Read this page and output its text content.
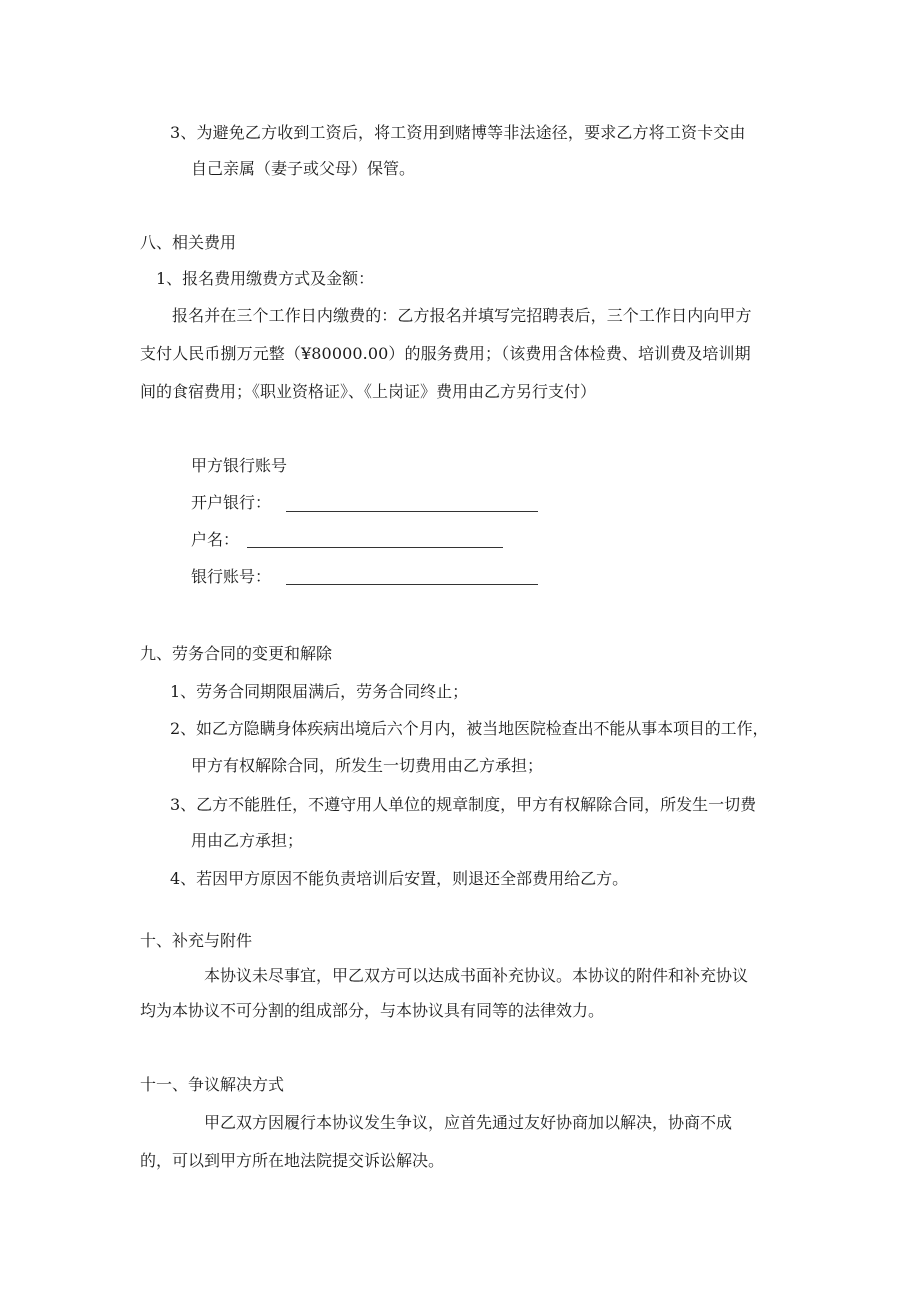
3、为避免乙方收到工资后，将工资用到赌博等非法途径，要求乙方将工资卡交由
自己亲属（妻子或父母）保管。
八、相关费用
1、报名费用缴费方式及金额：
报名并在三个工作日内缴费的：乙方报名并填写完招聘表后，三个工作日内向甲方
支付人民币捌万元整（¥80000.00）的服务费用；（该费用含体检费、培训费及培训期
间的食宿费用；《职业资格证》、《上岗证》费用由乙方另行支付）
甲方银行账号
开户银行：
户名：
银行账号：
九、劳务合同的变更和解除
1、劳务合同期限届满后，劳务合同终止；
2、如乙方隐瞒身体疾病出境后六个月内，被当地医院检查出不能从事本项目的工作，
甲方有权解除合同，所发生一切费用由乙方承担；
3、乙方不能胜任，不遵守用人单位的规章制度，甲方有权解除合同，所发生一切费
用由乙方承担；
4、若因甲方原因不能负责培训后安置，则退还全部费用给乙方。
十、补充与附件
本协议未尽事宜，甲乙双方可以达成书面补充协议。本协议的附件和补充协议
均为本协议不可分割的组成部分，与本协议具有同等的法律效力。
十一、争议解决方式
甲乙双方因履行本协议发生争议，应首先通过友好协商加以解决，协商不成
的，可以到甲方所在地法院提交诉讼解决。
